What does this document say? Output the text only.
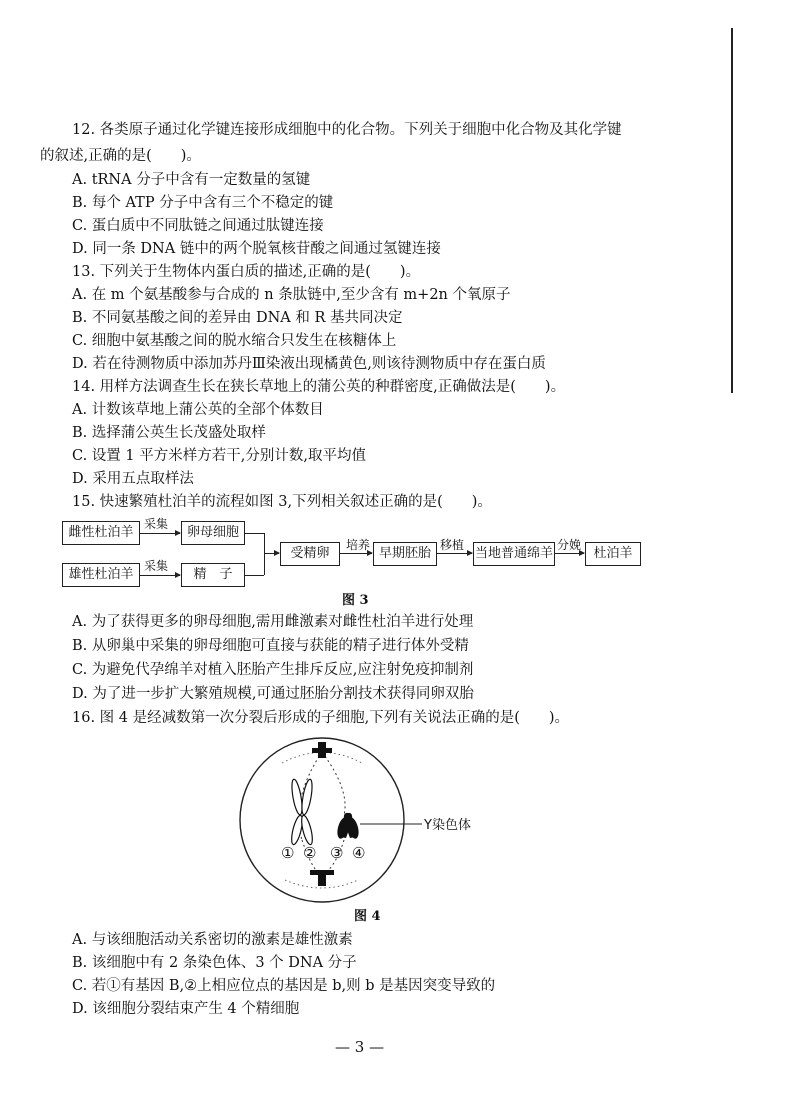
12. 各类原子通过化学键连接形成细胞中的化合物。下列关于细胞中化合物及其化学键
的叙述,正确的是(　　)。
A. tRNA 分子中含有一定数量的氢键
B. 每个 ATP 分子中含有三个不稳定的键
C. 蛋白质中不同肽链之间通过肽键连接
D. 同一条 DNA 链中的两个脱氧核苷酸之间通过氢键连接
13. 下列关于生物体内蛋白质的描述,正确的是(　　)。
A. 在 m 个氨基酸参与合成的 n 条肽链中,至少含有 m+2n 个氧原子
B. 不同氨基酸之间的差异由 DNA 和 R 基共同决定
C. 细胞中氨基酸之间的脱水缩合只发生在核糖体上
D. 若在待测物质中添加苏丹Ⅲ染液出现橘黄色,则该待测物质中存在蛋白质
14. 用样方法调查生长在狭长草地上的蒲公英的种群密度,正确做法是(　　)。
A. 计数该草地上蒲公英的全部个体数目
B. 选择蒲公英生长茂盛处取样
C. 设置 1 平方米样方若干,分别计数,取平均值
D. 采用五点取样法
15. 快速繁殖杜泊羊的流程如图 3,下列相关叙述正确的是(　　)。
雌性杜泊羊
雄性杜泊羊
采集
采集
卵母细胞
精　子
受精卵
培养
早期胚胎
移植
当地普通绵羊
分娩
杜泊羊
图 3
A. 为了获得更多的卵母细胞,需用雌激素对雌性杜泊羊进行处理
B. 从卵巢中采集的卵母细胞可直接与获能的精子进行体外受精
C. 为避免代孕绵羊对植入胚胎产生排斥反应,应注射免疫抑制剂
D. 为了进一步扩大繁殖规模,可通过胚胎分割技术获得同卵双胎
16. 图 4 是经减数第一次分裂后形成的子细胞,下列有关说法正确的是(　　)。
Y染色体
① ② ③ ④
图 4
A. 与该细胞活动关系密切的激素是雄性激素
B. 该细胞中有 2 条染色体、3 个 DNA 分子
C. 若①有基因 B,②上相应位点的基因是 b,则 b 是基因突变导致的
D. 该细胞分裂结束产生 4 个精细胞
— 3 —
